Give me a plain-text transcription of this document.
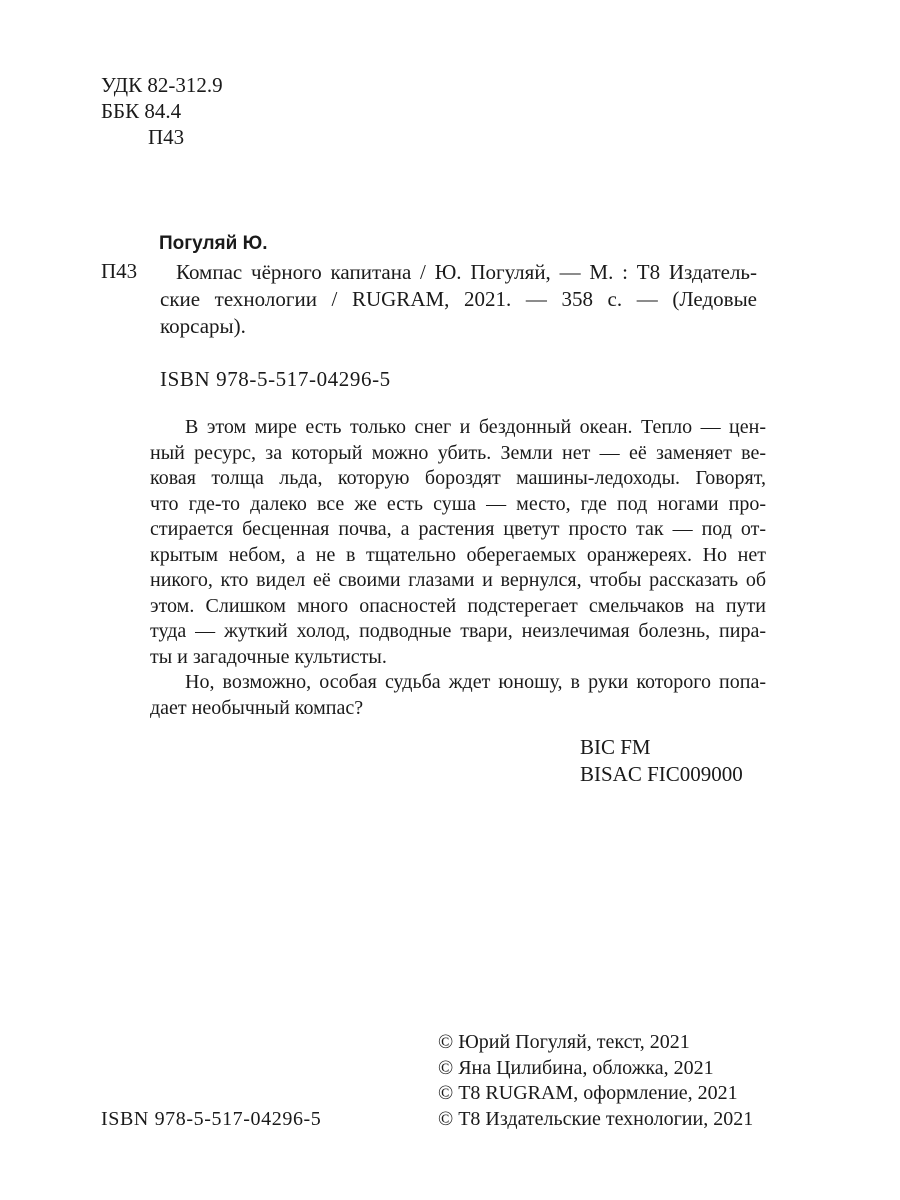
УДК 82-312.9
ББК 84.4
П43
Погуляй Ю.
П43 Компас чёрного капитана / Ю. Погуляй, — М. : Т8 Издатель-
ские технологии / RUGRAM, 2021. — 358 с. — (Ледовые
корсары).
ISBN 978-5-517-04296-5
В этом мире есть только снег и бездонный океан. Тепло — цен-
ный ресурс, за который можно убить. Земли нет — её заменяет ве-
ковая толща льда, которую бороздят машины-ледоходы. Говорят,
что где-то далеко все же есть суша — место, где под ногами про-
стирается бесценная почва, а растения цветут просто так — под от-
крытым небом, а не в тщательно оберегаемых оранжереях. Но нет
никого, кто видел её своими глазами и вернулся, чтобы рассказать об
этом. Слишком много опасностей подстерегает смельчаков на пути
туда — жуткий холод, подводные твари, неизлечимая болезнь, пира-
ты и загадочные культисты.
Но, возможно, особая судьба ждет юношу, в руки которого попа-
дает необычный компас?
BIC FM
BISAC FIC009000
© Юрий Погуляй, текст, 2021
© Яна Цилибина, обложка, 2021
© Т8 RUGRAM, оформление, 2021
© Т8 Издательские технологии, 2021
ISBN 978-5-517-04296-5
